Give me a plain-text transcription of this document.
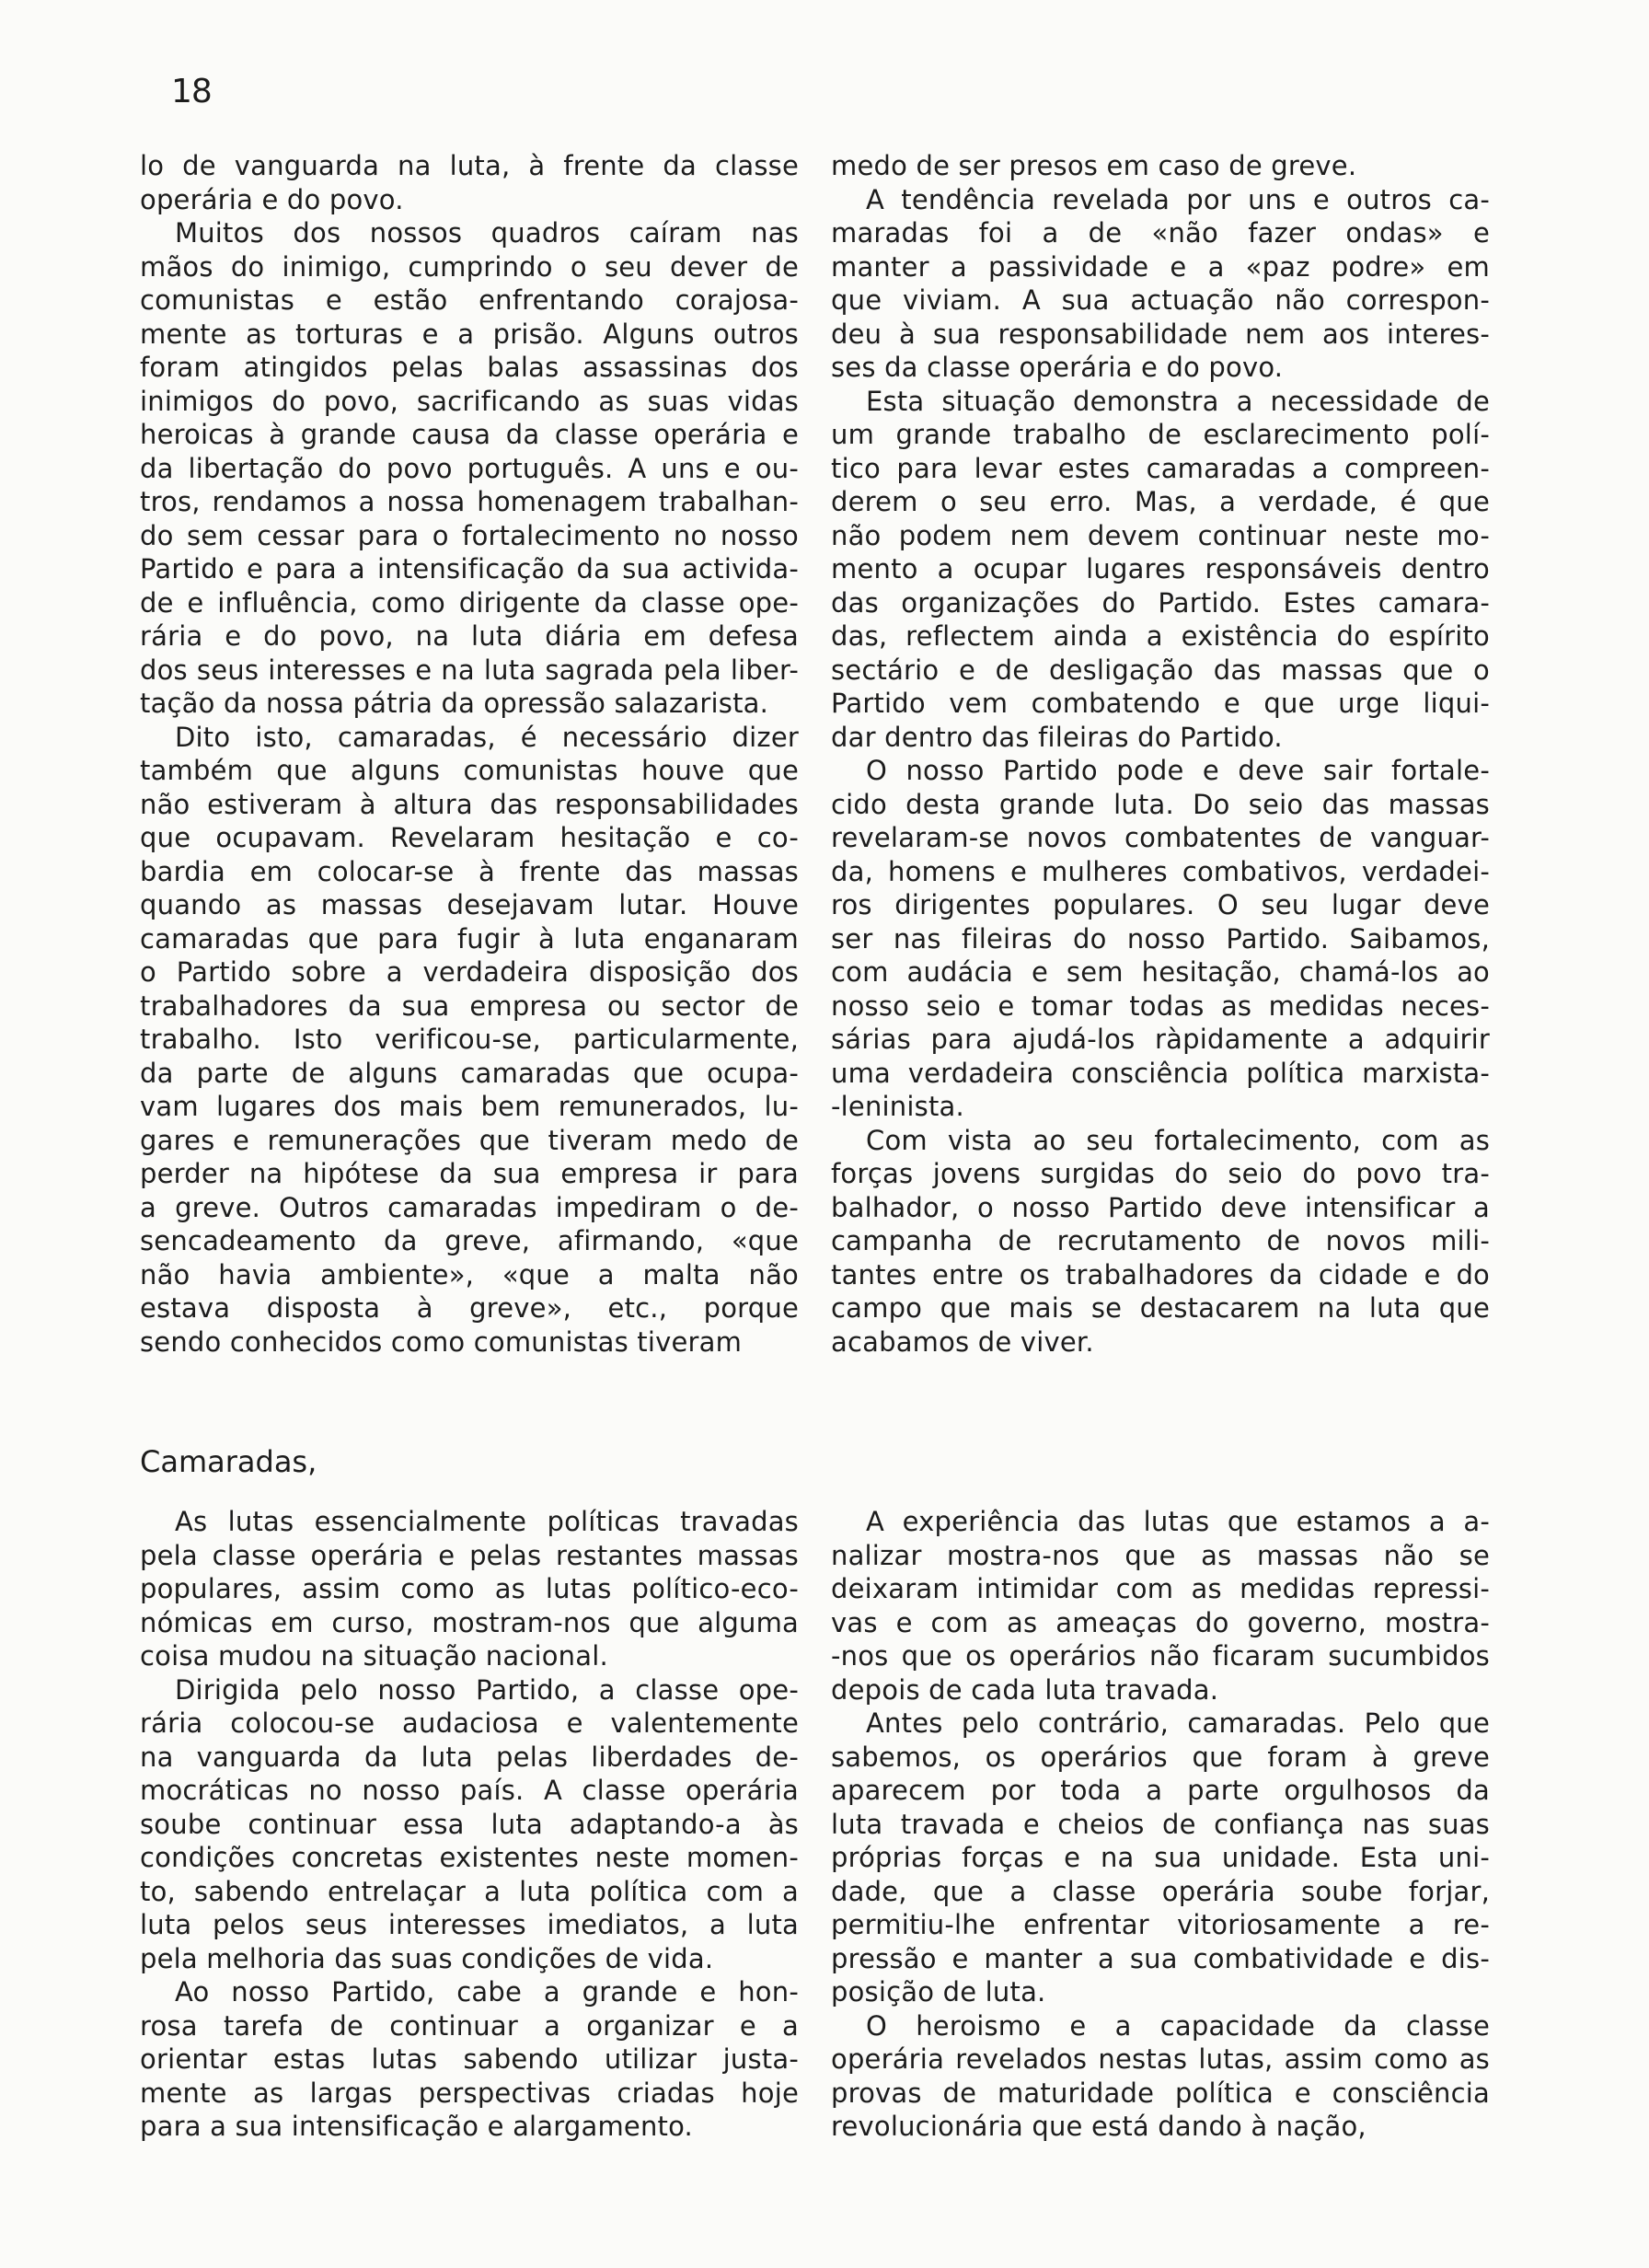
18

lo de vanguarda na luta, à frente da classe
operária e do povo.

Muitos dos nossos quadros caíram nas
mãos do inimigo, cumprindo o seu dever de
comunistas e estão enfrentando corajosa-
mente as torturas e a prisão. Alguns outros
foram atingidos pelas balas assassinas dos
inimigos do povo, sacrificando as suas vidas
heroicas à grande causa da classe operária e
da libertação do povo português. A uns e ou-
tros, rendamos a nossa homenagem trabalhan-
do sem cessar para o fortalecimento no nosso
Partido e para a intensificação da sua activida-
de e influência, como dirigente da classe ope-
rária e do povo, na luta diária em defesa
dos seus interesses e na luta sagrada pela liber-
tação da nossa pátria da opressão salazarista.

Dito isto, camaradas, é necessário dizer
também que alguns comunistas houve que
não estiveram à altura das responsabilidades
que ocupavam. Revelaram hesitação e co-
bardia em colocar-se à frente das massas
quando as massas desejavam lutar. Houve
camaradas que para fugir à luta enganaram
o Partido sobre a verdadeira disposição dos
trabalhadores da sua empresa ou sector de
trabalho. Isto verificou-se, particularmente,
da parte de alguns camaradas que ocupa-
vam lugares dos mais bem remunerados, lu-
gares e remunerações que tiveram medo de
perder na hipótese da sua empresa ir para
a greve. Outros camaradas impediram o de-
sencadeamento da greve, afirmando, «que
não havia ambiente», «que a malta não
estava disposta à greve», etc., porque
sendo conhecidos como comunistas tiveram

medo de ser presos em caso de greve.

A tendência revelada por uns e outros ca-
maradas foi a de «não fazer ondas» e
manter a passividade e a «paz podre» em
que viviam. A sua actuação não correspon-
deu à sua responsabilidade nem aos interes-
ses da classe operária e do povo.

Esta situação demonstra a necessidade de
um grande trabalho de esclarecimento polí-
tico para levar estes camaradas a compreen-
derem o seu erro. Mas, a verdade, é que
não podem nem devem continuar neste mo-
mento a ocupar lugares responsáveis dentro
das organizações do Partido. Estes camara-
das, reflectem ainda a existência do espírito
sectário e de desligação das massas que o
Partido vem combatendo e que urge liqui-
dar dentro das fileiras do Partido.

O nosso Partido pode e deve sair fortale-
cido desta grande luta. Do seio das massas
revelaram-se novos combatentes de vanguar-
da, homens e mulheres combativos, verdadei-
ros dirigentes populares. O seu lugar deve
ser nas fileiras do nosso Partido. Saibamos,
com audácia e sem hesitação, chamá-los ao
nosso seio e tomar todas as medidas neces-
sárias para ajudá-los ràpidamente a adquirir
uma verdadeira consciência política marxista-
-leninista.

Com vista ao seu fortalecimento, com as
forças jovens surgidas do seio do povo tra-
balhador, o nosso Partido deve intensificar a
campanha de recrutamento de novos mili-
tantes entre os trabalhadores da cidade e do
campo que mais se destacarem na luta que
acabamos de viver.

Camaradas,

As lutas essencialmente políticas travadas
pela classe operária e pelas restantes massas
populares, assim como as lutas político-eco-
nómicas em curso, mostram-nos que alguma
coisa mudou na situação nacional.

Dirigida pelo nosso Partido, a classe ope-
rária colocou-se audaciosa e valentemente
na vanguarda da luta pelas liberdades de-
mocráticas no nosso país. A classe operária
soube continuar essa luta adaptando-a às
condições concretas existentes neste momen-
to, sabendo entrelaçar a luta política com a
luta pelos seus interesses imediatos, a luta
pela melhoria das suas condições de vida.

Ao nosso Partido, cabe a grande e hon-
rosa tarefa de continuar a organizar e a
orientar estas lutas sabendo utilizar justa-
mente as largas perspectivas criadas hoje
para a sua intensificação e alargamento.

A experiência das lutas que estamos a a-
nalizar mostra-nos que as massas não se
deixaram intimidar com as medidas repressi-
vas e com as ameaças do governo, mostra-
-nos que os operários não ficaram sucumbidos
depois de cada luta travada.

Antes pelo contrário, camaradas. Pelo que
sabemos, os operários que foram à greve
aparecem por toda a parte orgulhosos da
luta travada e cheios de confiança nas suas
próprias forças e na sua unidade. Esta uni-
dade, que a classe operária soube forjar,
permitiu-lhe enfrentar vitoriosamente a re-
pressão e manter a sua combatividade e dis-
posição de luta.

O heroismo e a capacidade da classe
operária revelados nestas lutas, assim como as
provas de maturidade política e consciência
revolucionária que está dando à nação,
